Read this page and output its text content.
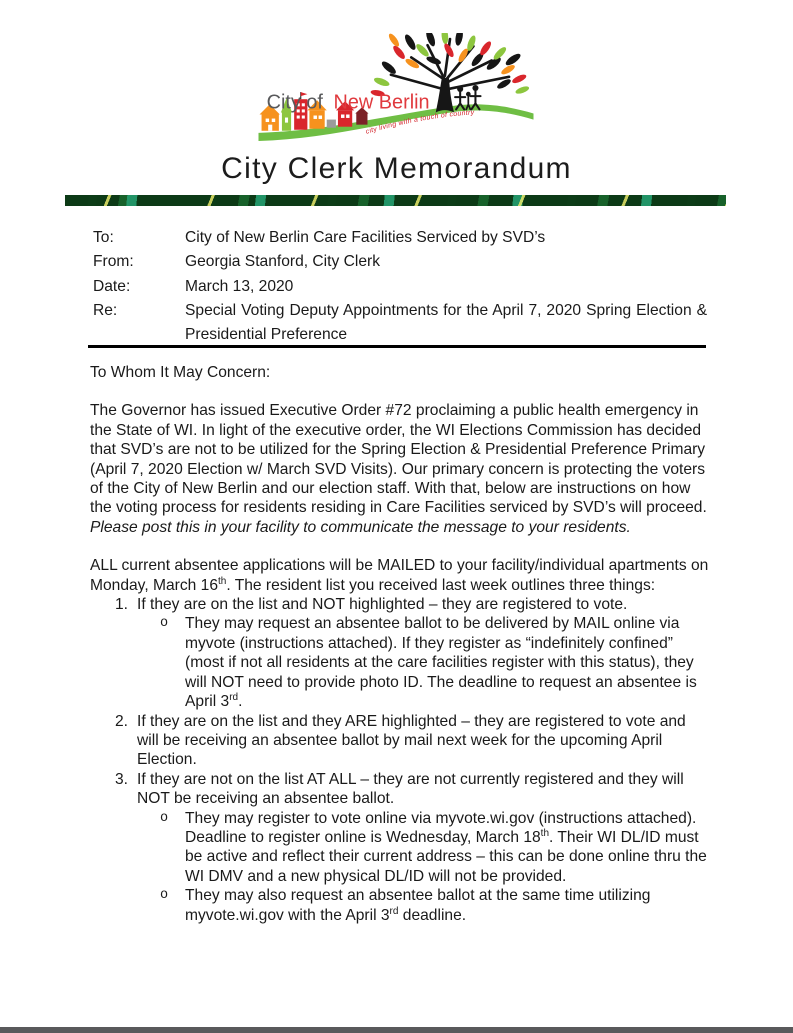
City of New Berlin
city living with a touch of country
City Clerk Memorandum
To:	City of New Berlin Care Facilities Serviced by SVD’s
From:	Georgia Stanford, City Clerk
Date:	March 13, 2020
Re:	Special Voting Deputy Appointments for the April 7, 2020 Spring Election & Presidential Preference

To Whom It May Concern:

The Governor has issued Executive Order #72 proclaiming a public health emergency in the State of WI. In light of the executive order, the WI Elections Commission has decided that SVD’s are not to be utilized for the Spring Election & Presidential Preference Primary (April 7, 2020 Election w/ March SVD Visits). Our primary concern is protecting the voters of the City of New Berlin and our election staff. With that, below are instructions on how the voting process for residents residing in Care Facilities serviced by SVD’s will proceed. Please post this in your facility to communicate the message to your residents.

ALL current absentee applications will be MAILED to your facility/individual apartments on Monday, March 16th. The resident list you received last week outlines three things:

1. If they are on the list and NOT highlighted – they are registered to vote.
o	They may request an absentee ballot to be delivered by MAIL online via myvote (instructions attached). If they register as “indefinitely confined” (most if not all residents at the care facilities register with this status), they will NOT need to provide photo ID. The deadline to request an absentee is April 3rd.
2. If they are on the list and they ARE highlighted – they are registered to vote and will be receiving an absentee ballot by mail next week for the upcoming April Election.
3. If they are not on the list AT ALL – they are not currently registered and they will NOT be receiving an absentee ballot.
o	They may register to vote online via myvote.wi.gov (instructions attached). Deadline to register online is Wednesday, March 18th. Their WI DL/ID must be active and reflect their current address – this can be done online thru the WI DMV and a new physical DL/ID will not be provided.
o	They may also request an absentee ballot at the same time utilizing myvote.wi.gov with the April 3rd deadline.
